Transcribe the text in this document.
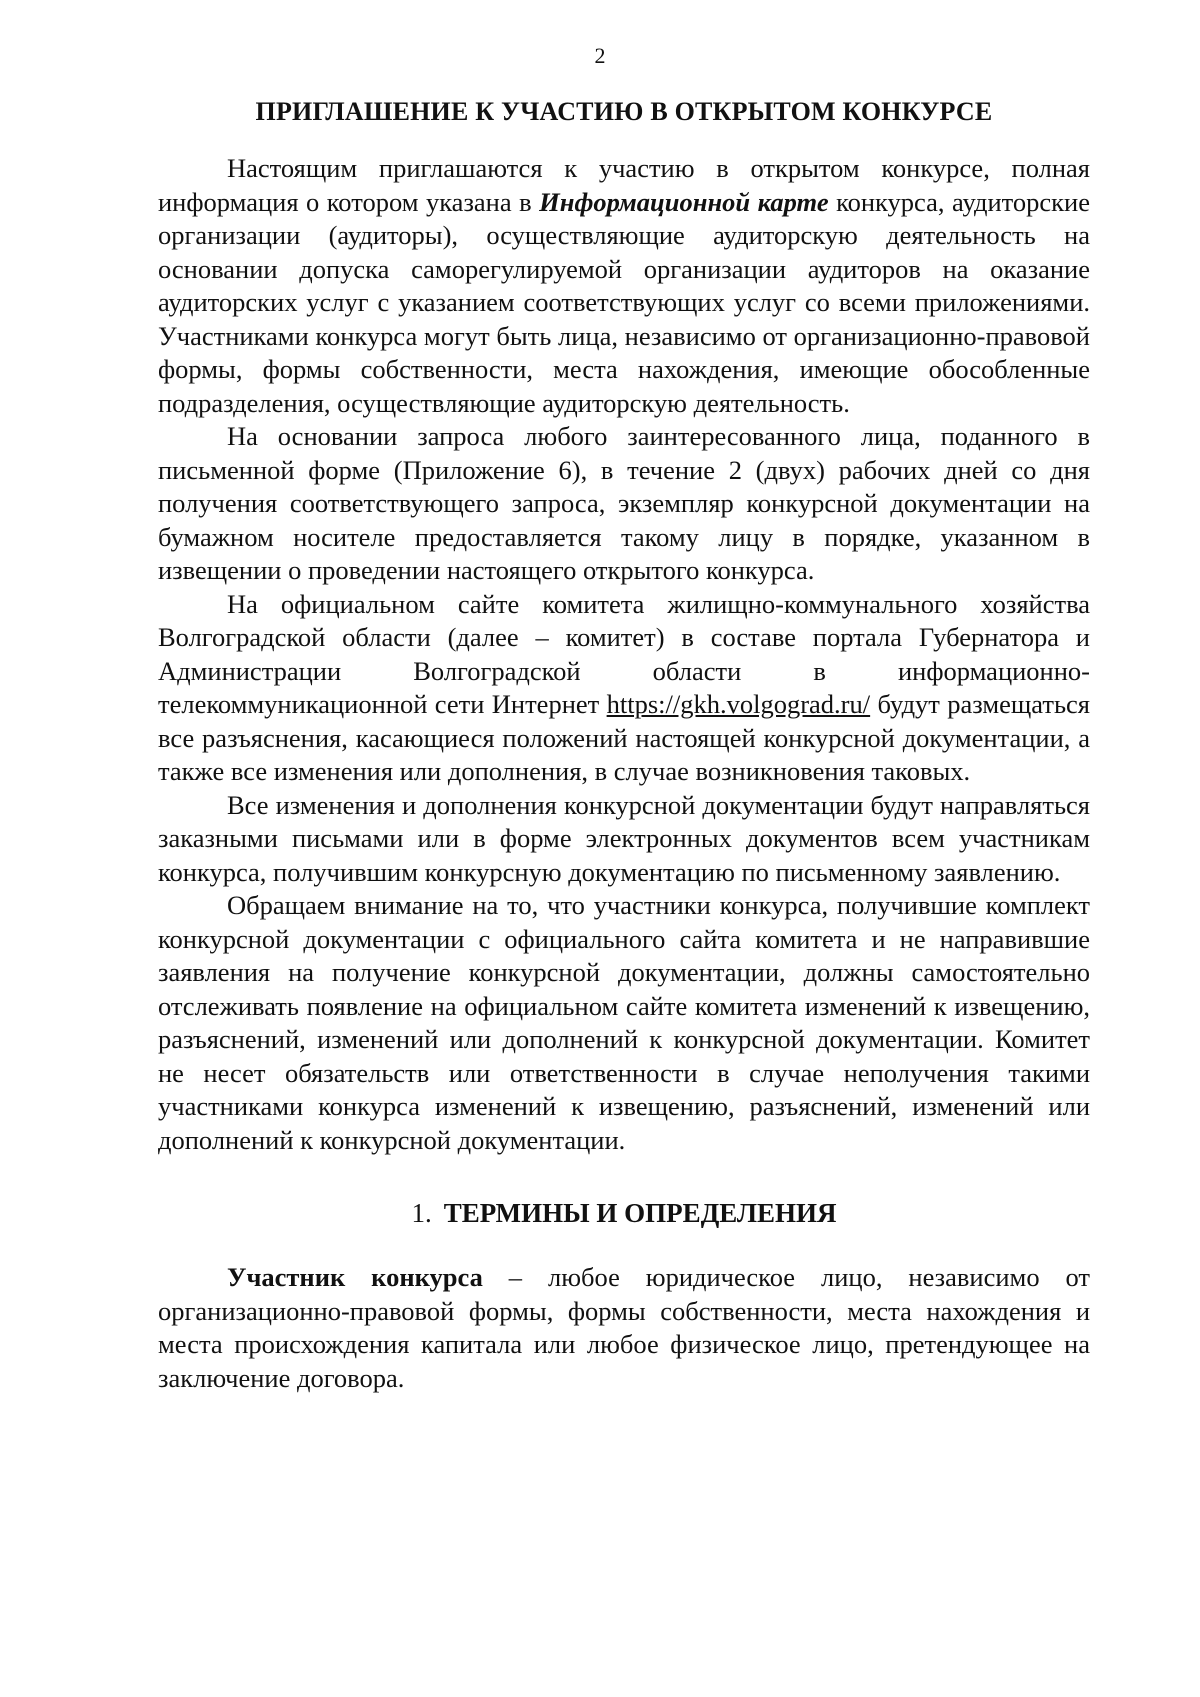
2
ПРИГЛАШЕНИЕ К УЧАСТИЮ В ОТКРЫТОМ КОНКУРСЕ

Настоящим приглашаются к участию в открытом конкурсе, полная информация о котором указана в Информационной карте конкурса, аудиторские организации (аудиторы), осуществляющие аудиторскую деятельность на основании допуска саморегулируемой организации аудиторов на оказание аудиторских услуг с указанием соответствующих услуг со всеми приложениями. Участниками конкурса могут быть лица, независимо от организационно-правовой формы, формы собственности, места нахождения, имеющие обособленные подразделения, осуществляющие аудиторскую деятельность.

На основании запроса любого заинтересованного лица, поданного в письменной форме (Приложение 6), в течение 2 (двух) рабочих дней со дня получения соответствующего запроса, экземпляр конкурсной документации на бумажном носителе предоставляется такому лицу в порядке, указанном в извещении о проведении настоящего открытого конкурса.

На официальном сайте комитета жилищно-коммунального хозяйства Волгоградской области (далее – комитет) в составе портала Губернатора и Администрации Волгоградской области в информационно-телекоммуникационной сети Интернет https://gkh.volgograd.ru/ будут размещаться все разъяснения, касающиеся положений настоящей конкурсной документации, а также все изменения или дополнения, в случае возникновения таковых.

Все изменения и дополнения конкурсной документации будут направляться заказными письмами или в форме электронных документов всем участникам конкурса, получившим конкурсную документацию по письменному заявлению.

Обращаем внимание на то, что участники конкурса, получившие комплект конкурсной документации с официального сайта комитета и не направившие заявления на получение конкурсной документации, должны самостоятельно отслеживать появление на официальном сайте комитета изменений к извещению, разъяснений, изменений или дополнений к конкурсной документации. Комитет не несет обязательств или ответственности в случае неполучения такими участниками конкурса изменений к извещению, разъяснений, изменений или дополнений к конкурсной документации.

1. ТЕРМИНЫ И ОПРЕДЕЛЕНИЯ

Участник конкурса – любое юридическое лицо, независимо от организационно-правовой формы, формы собственности, места нахождения и места происхождения капитала или любое физическое лицо, претендующее на заключение договора.
